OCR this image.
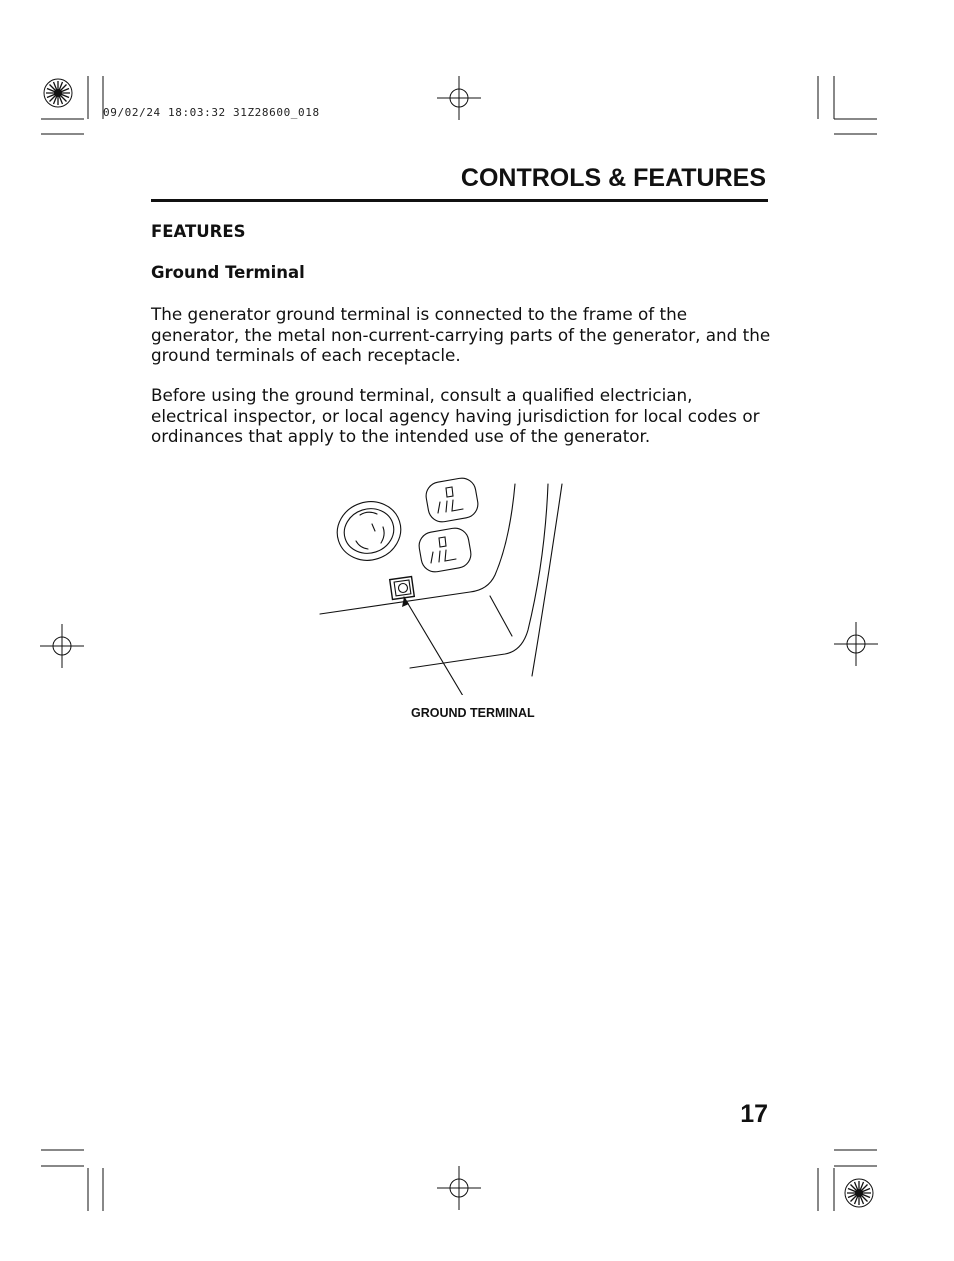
09/02/24 18:03:32 31Z28600_018
CONTROLS & FEATURES
FEATURES
Ground Terminal

The generator ground terminal is connected to the frame of the generator, the metal non-current-carrying parts of the generator, and the ground terminals of each receptacle.

Before using the ground terminal, consult a qualified electrician, electrical inspector, or local agency having jurisdiction for local codes or ordinances that apply to the intended use of the generator.

GROUND TERMINAL
17
